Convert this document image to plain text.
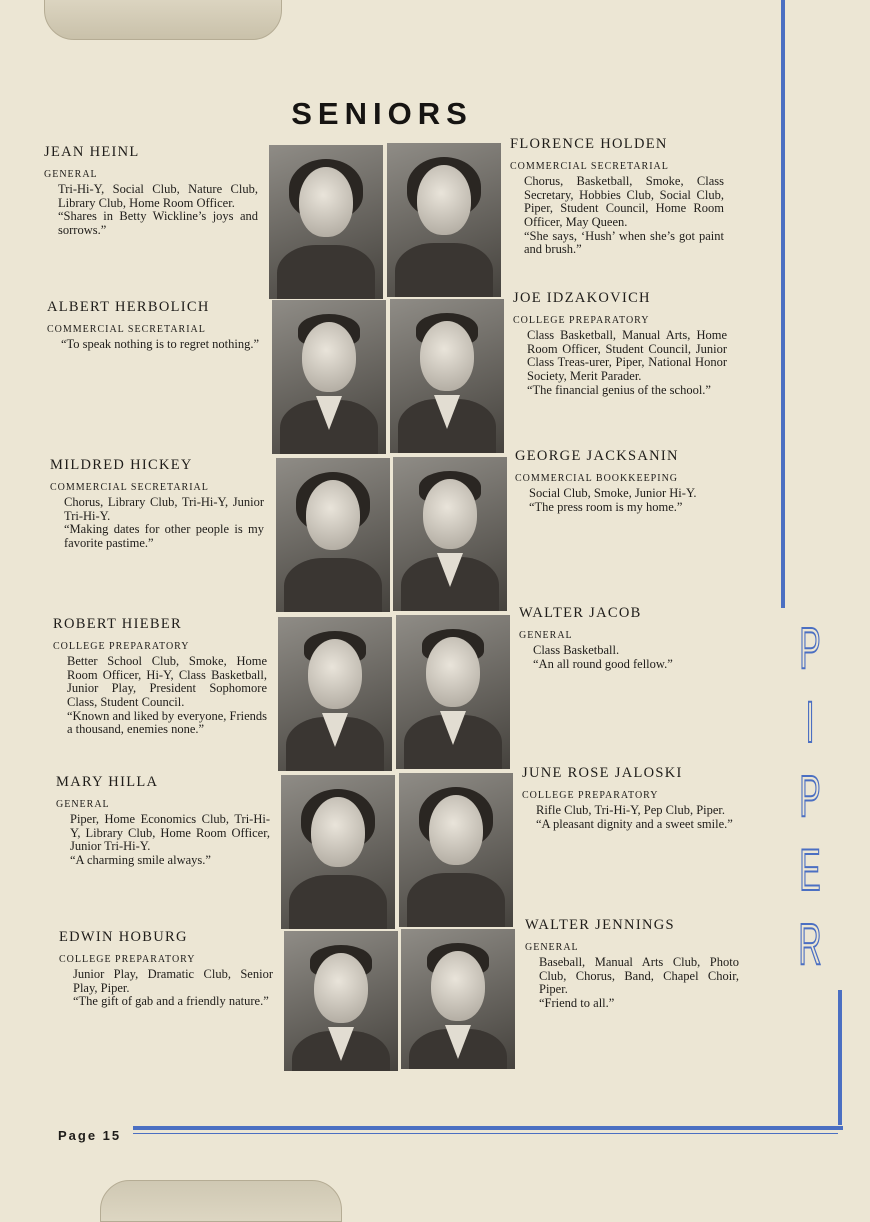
P
I
P
E
R
SENIORS
JEAN HEINL
GENERAL
Tri-Hi-Y, Social Club, Nature Club, Library Club, Home Room Officer.
“Shares in Betty Wickline’s joys and sorrows.”
ALBERT HERBOLICH
COMMERCIAL SECRETARIAL
“To speak nothing is to regret nothing.”
MILDRED HICKEY
COMMERCIAL SECRETARIAL
Chorus, Library Club, Tri-Hi-Y, Junior Tri-Hi-Y.
“Making dates for other people is my favorite pastime.”
ROBERT HIEBER
COLLEGE PREPARATORY
Better School Club, Smoke, Home Room Officer, Hi-Y, Class Basketball, Junior Play, President Sophomore Class, Student Council.
“Known and liked by everyone, Friends a thousand, enemies none.”
MARY HILLA
GENERAL
Piper, Home Economics Club, Tri-Hi-Y, Library Club, Home Room Officer, Junior Tri-Hi-Y.
“A charming smile always.”
EDWIN HOBURG
COLLEGE PREPARATORY
Junior Play, Dramatic Club, Senior Play, Piper.
“The gift of gab and a friendly nature.”
FLORENCE HOLDEN
COMMERCIAL SECRETARIAL
Chorus, Basketball, Smoke, Class Secretary, Hobbies Club, Social Club, Piper, Student Council, Home Room Officer, May Queen.
“She says, ‘Hush’ when she’s got paint and brush.”
JOE IDZAKOVICH
COLLEGE PREPARATORY
Class Basketball, Manual Arts, Home Room Officer, Student Council, Junior Class Treas-urer, Piper, National Honor Society, Merit Parader.
“The financial genius of the school.”
GEORGE JACKSANIN
COMMERCIAL BOOKKEEPING
Social Club, Smoke, Junior Hi-Y.
“The press room is my home.”
WALTER JACOB
GENERAL
Class Basketball.
“An all round good fellow.”
JUNE ROSE JALOSKI
COLLEGE PREPARATORY
Rifle Club, Tri-Hi-Y, Pep Club, Piper.
“A pleasant dignity and a sweet smile.”
WALTER JENNINGS
GENERAL
Baseball, Manual Arts Club, Photo Club, Chorus, Band, Chapel Choir, Piper.
“Friend to all.”
Page 15
